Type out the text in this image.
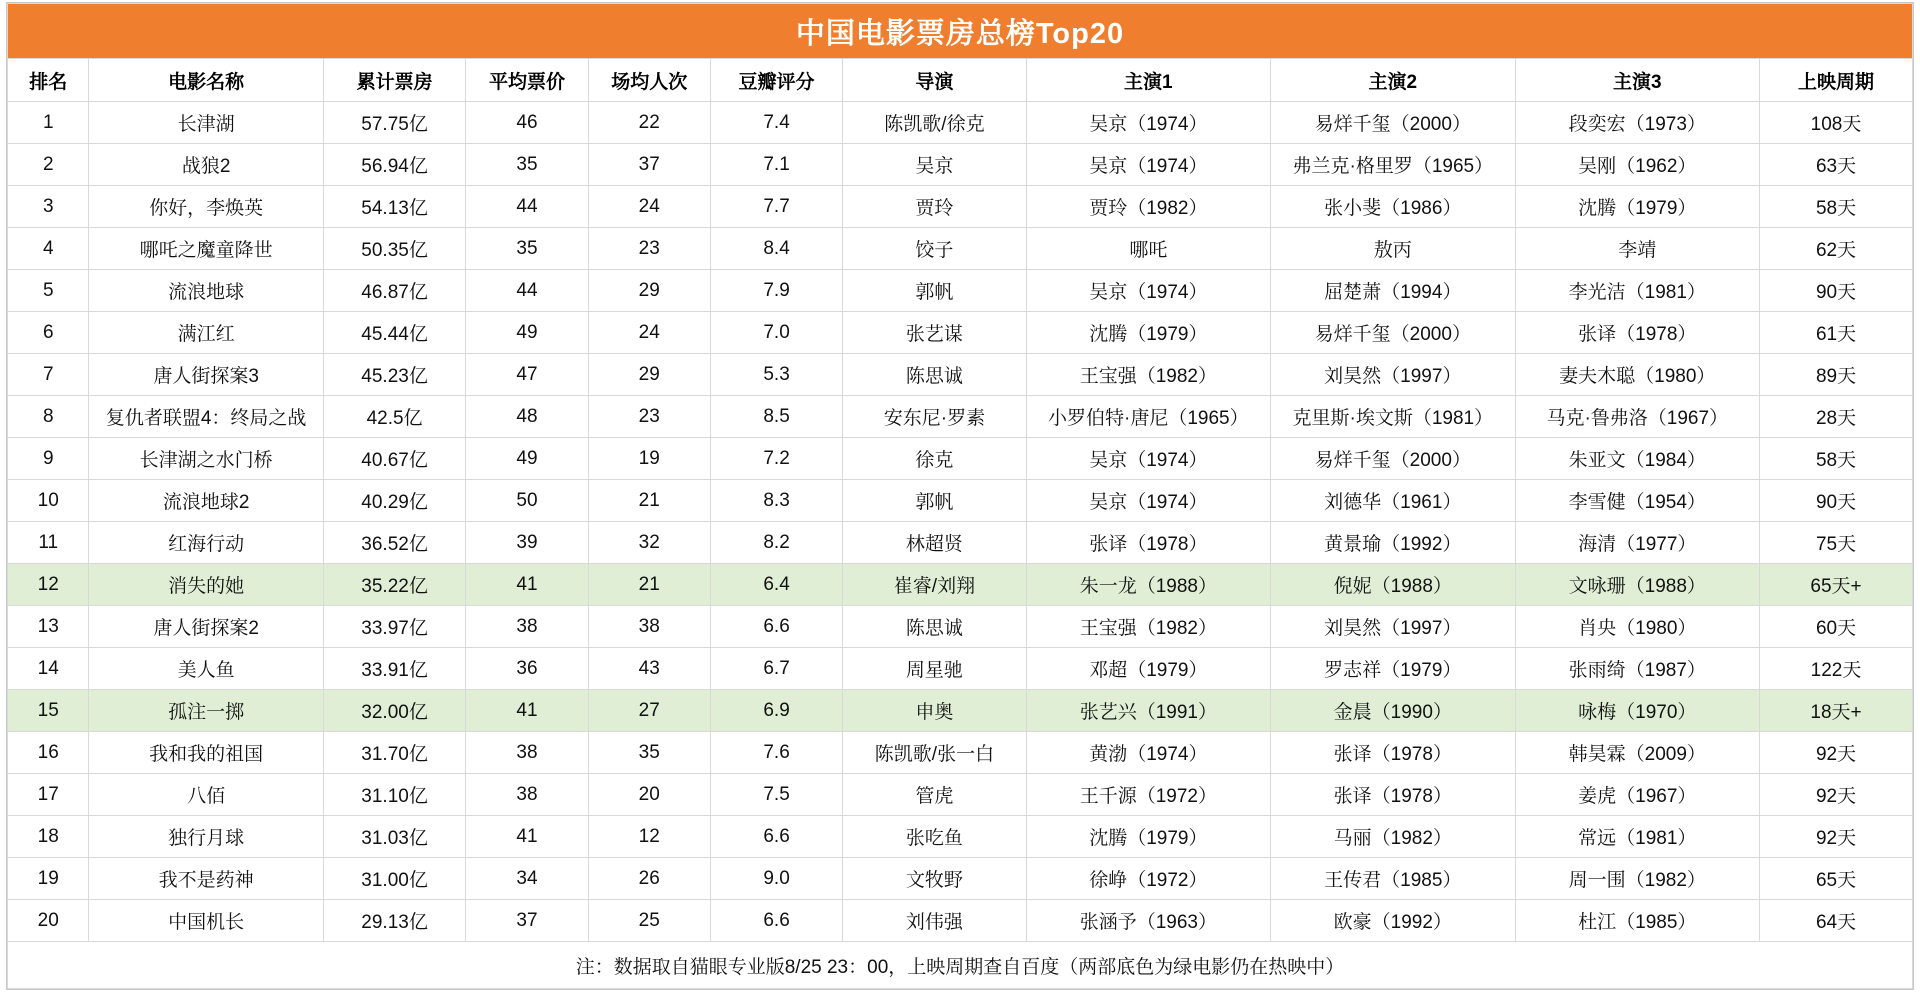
中国电影票房总榜Top20										
排名	电影名称	累计票房	平均票价	场均人次	豆瓣评分	导演	主演1	主演2	主演3	上映周期
1	长津湖	57.75亿	46	22	7.4	陈凯歌/徐克	吴京（1974）	易烊千玺（2000）	段奕宏（1973）	108天
2	战狼2	56.94亿	35	37	7.1	吴京	吴京（1974）	弗兰克·格里罗（1965）	吴刚（1962）	63天
3	你好，李焕英	54.13亿	44	24	7.7	贾玲	贾玲（1982）	张小斐（1986）	沈腾（1979）	58天
4	哪吒之魔童降世	50.35亿	35	23	8.4	饺子	哪吒	敖丙	李靖	62天
5	流浪地球	46.87亿	44	29	7.9	郭帆	吴京（1974）	屈楚萧（1994）	李光洁（1981）	90天
6	满江红	45.44亿	49	24	7.0	张艺谋	沈腾（1979）	易烊千玺（2000）	张译（1978）	61天
7	唐人街探案3	45.23亿	47	29	5.3	陈思诚	王宝强（1982）	刘昊然（1997）	妻夫木聪（1980）	89天
8	复仇者联盟4：终局之战	42.5亿	48	23	8.5	安东尼·罗素	小罗伯特·唐尼（1965）	克里斯·埃文斯（1981）	马克·鲁弗洛（1967）	28天
9	长津湖之水门桥	40.67亿	49	19	7.2	徐克	吴京（1974）	易烊千玺（2000）	朱亚文（1984）	58天
10	流浪地球2	40.29亿	50	21	8.3	郭帆	吴京（1974）	刘德华（1961）	李雪健（1954）	90天
11	红海行动	36.52亿	39	32	8.2	林超贤	张译（1978）	黄景瑜（1992）	海清（1977）	75天
12	消失的她	35.22亿	41	21	6.4	崔睿/刘翔	朱一龙（1988）	倪妮（1988）	文咏珊（1988）	65天+
13	唐人街探案2	33.97亿	38	38	6.6	陈思诚	王宝强（1982）	刘昊然（1997）	肖央（1980）	60天
14	美人鱼	33.91亿	36	43	6.7	周星驰	邓超（1979）	罗志祥（1979）	张雨绮（1987）	122天
15	孤注一掷	32.00亿	41	27	6.9	申奥	张艺兴（1991）	金晨（1990）	咏梅（1970）	18天+
16	我和我的祖国	31.70亿	38	35	7.6	陈凯歌/张一白	黄渤（1974）	张译（1978）	韩昊霖（2009）	92天
17	八佰	31.10亿	38	20	7.5	管虎	王千源（1972）	张译（1978）	姜虎（1967）	92天
18	独行月球	31.03亿	41	12	6.6	张吃鱼	沈腾（1979）	马丽（1982）	常远（1981）	92天
19	我不是药神	31.00亿	34	26	9.0	文牧野	徐峥（1972）	王传君（1985）	周一围（1982）	65天
20	中国机长	29.13亿	37	25	6.6	刘伟强	张涵予（1963）	欧豪（1992）	杜江（1985）	64天
注：数据取自猫眼专业版8/25 23：00，上映周期查自百度（两部底色为绿电影仍在热映中）										
